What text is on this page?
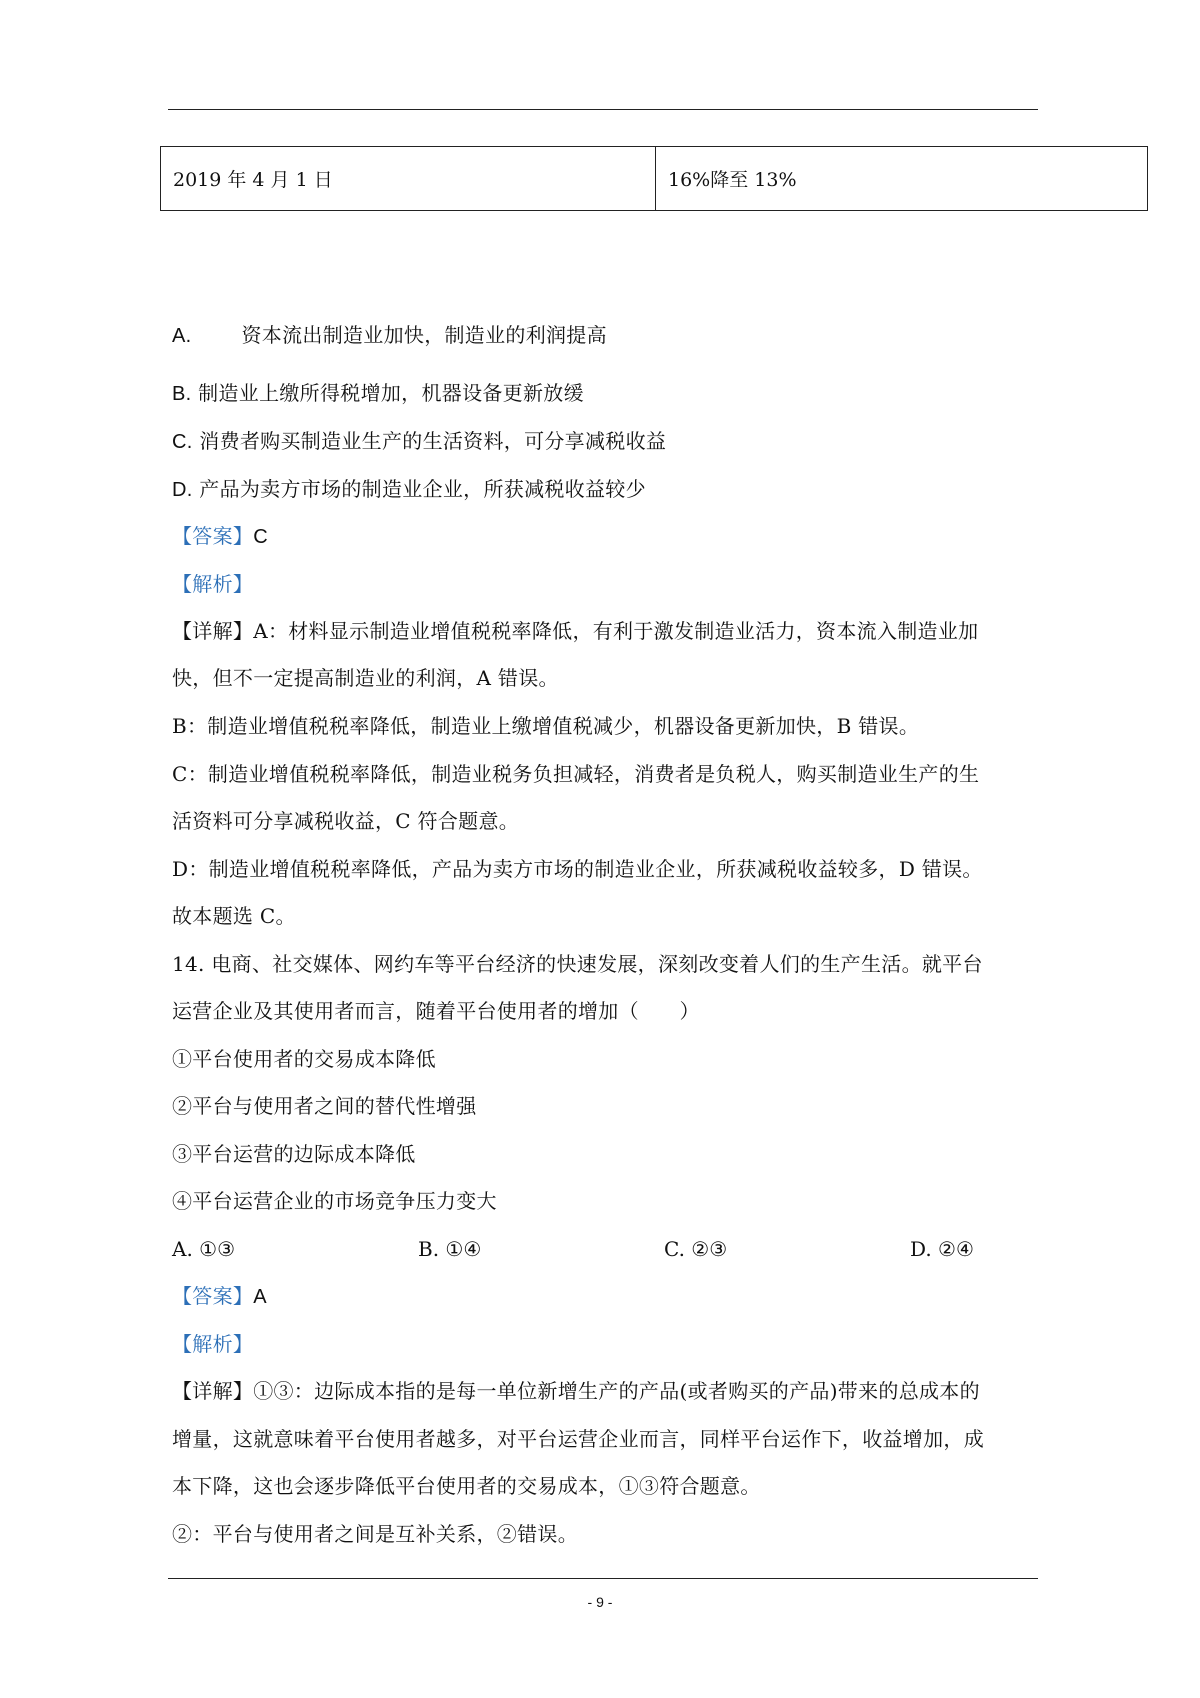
2019 年 4 月 1 日	16%降至 13%
A.	资本流出制造业加快，制造业的利润提高
B. 制造业上缴所得税增加，机器设备更新放缓
C. 消费者购买制造业生产的生活资料，可分享减税收益
D. 产品为卖方市场的制造业企业，所获减税收益较少
【答案】C
【解析】
【详解】A：材料显示制造业增值税税率降低，有利于激发制造业活力，资本流入制造业加
快，但不一定提高制造业的利润，A 错误。
B：制造业增值税税率降低，制造业上缴增值税减少，机器设备更新加快，B 错误。
C：制造业增值税税率降低，制造业税务负担减轻，消费者是负税人，购买制造业生产的生
活资料可分享减税收益，C 符合题意。
D：制造业增值税税率降低，产品为卖方市场的制造业企业，所获减税收益较多，D 错误。
故本题选 C。
14. 电商、社交媒体、网约车等平台经济的快速发展，深刻改变着人们的生产生活。就平台
运营企业及其使用者而言，随着平台使用者的增加（　　）
①平台使用者的交易成本降低
②平台与使用者之间的替代性增强
③平台运营的边际成本降低
④平台运营企业的市场竞争压力变大
A. ①③	B. ①④	C. ②③	D. ②④
【答案】A
【解析】
【详解】①③：边际成本指的是每一单位新增生产的产品(或者购买的产品)带来的总成本的
增量，这就意味着平台使用者越多，对平台运营企业而言，同样平台运作下，收益增加，成
本下降，这也会逐步降低平台使用者的交易成本，①③符合题意。
②：平台与使用者之间是互补关系，②错误。
- 9 -
